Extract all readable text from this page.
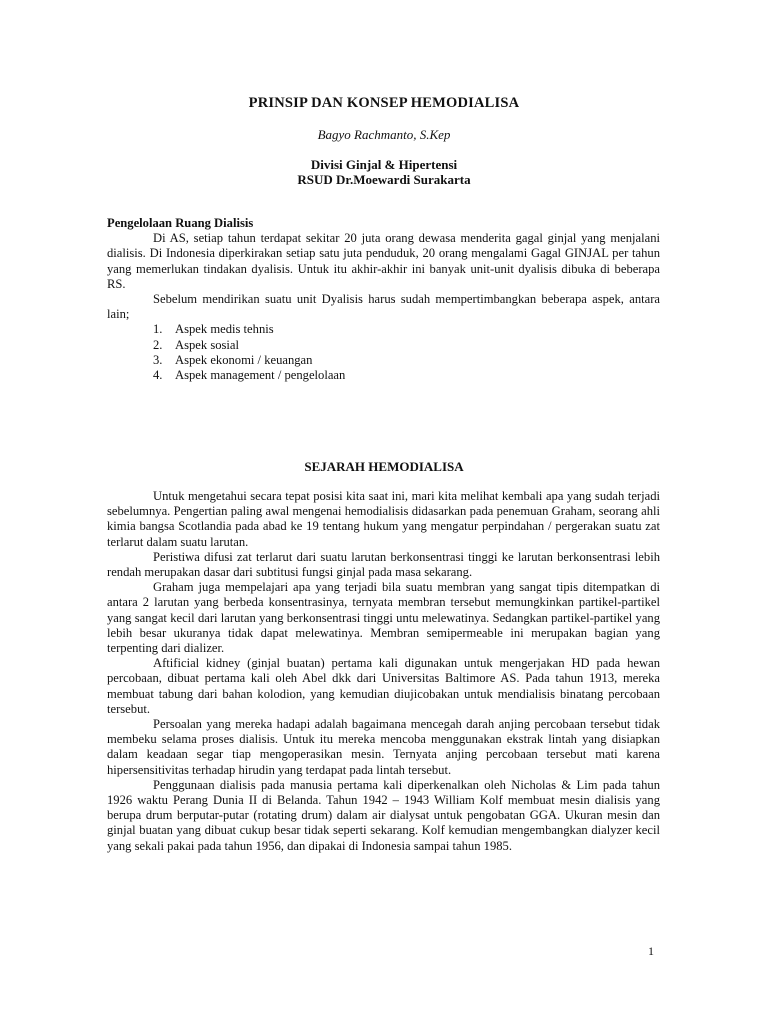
PRINSIP DAN KONSEP HEMODIALISA
Bagyo Rachmanto, S.Kep
Divisi Ginjal & Hipertensi
RSUD Dr.Moewardi Surakarta
Pengelolaan Ruang Dialisis

Di AS, setiap tahun terdapat sekitar 20 juta orang dewasa menderita gagal ginjal yang menjalani dialisis. Di Indonesia diperkirakan setiap satu juta penduduk, 20 orang mengalami Gagal GINJAL per tahun yang memerlukan tindakan dyalisis. Untuk itu akhir-akhir ini banyak unit-unit dyalisis dibuka di beberapa RS.

Sebelum mendirikan suatu unit Dyalisis harus sudah mempertimbangkan beberapa aspek, antara lain;

1. Aspek medis tehnis
2. Aspek sosial
3. Aspek ekonomi / keuangan
4. Aspek management / pengelolaan
SEJARAH HEMODIALISA

Untuk mengetahui secara tepat posisi kita saat ini, mari kita melihat kembali apa yang sudah terjadi sebelumnya. Pengertian paling awal mengenai hemodialisis didasarkan pada penemuan Graham, seorang ahli kimia bangsa Scotlandia pada abad ke 19 tentang hukum yang mengatur perpindahan / pergerakan suatu zat terlarut dalam suatu larutan.

Peristiwa difusi zat terlarut dari suatu larutan berkonsentrasi tinggi ke larutan berkonsentrasi lebih rendah merupakan dasar dari subtitusi fungsi ginjal pada masa sekarang.

Graham juga mempelajari apa yang terjadi bila suatu membran yang sangat tipis ditempatkan di antara 2 larutan yang berbeda konsentrasinya, ternyata membran tersebut memungkinkan partikel-partikel yang sangat kecil dari larutan yang berkonsentrasi tinggi untu melewatinya. Sedangkan partikel-partikel yang lebih besar ukuranya tidak dapat melewatinya. Membran semipermeable ini merupakan bagian yang terpenting dari dializer.

Aftificial kidney (ginjal buatan) pertama kali digunakan untuk mengerjakan HD pada hewan percobaan, dibuat pertama kali oleh Abel dkk dari Universitas Baltimore AS. Pada tahun 1913, mereka membuat tabung dari bahan kolodion, yang kemudian diujicobakan untuk mendialisis binatang percobaan tersebut.

Persoalan yang mereka hadapi adalah bagaimana mencegah darah anjing percobaan tersebut tidak membeku selama proses dialisis. Untuk itu mereka mencoba menggunakan ekstrak lintah yang disiapkan dalam keadaan segar tiap mengoperasikan mesin. Ternyata anjing percobaan tersebut mati karena hipersensitivitas terhadap hirudin yang terdapat pada lintah tersebut.

Penggunaan dialisis pada manusia pertama kali diperkenalkan oleh Nicholas & Lim pada tahun 1926 waktu Perang Dunia II di Belanda. Tahun 1942 – 1943 William Kolf membuat mesin dialisis yang berupa drum berputar-putar (rotating drum) dalam air dialysat untuk pengobatan GGA. Ukuran mesin dan ginjal buatan yang dibuat cukup besar tidak seperti sekarang. Kolf kemudian mengembangkan dialyzer kecil yang sekali pakai pada tahun 1956, dan dipakai di Indonesia sampai tahun 1985.

1
